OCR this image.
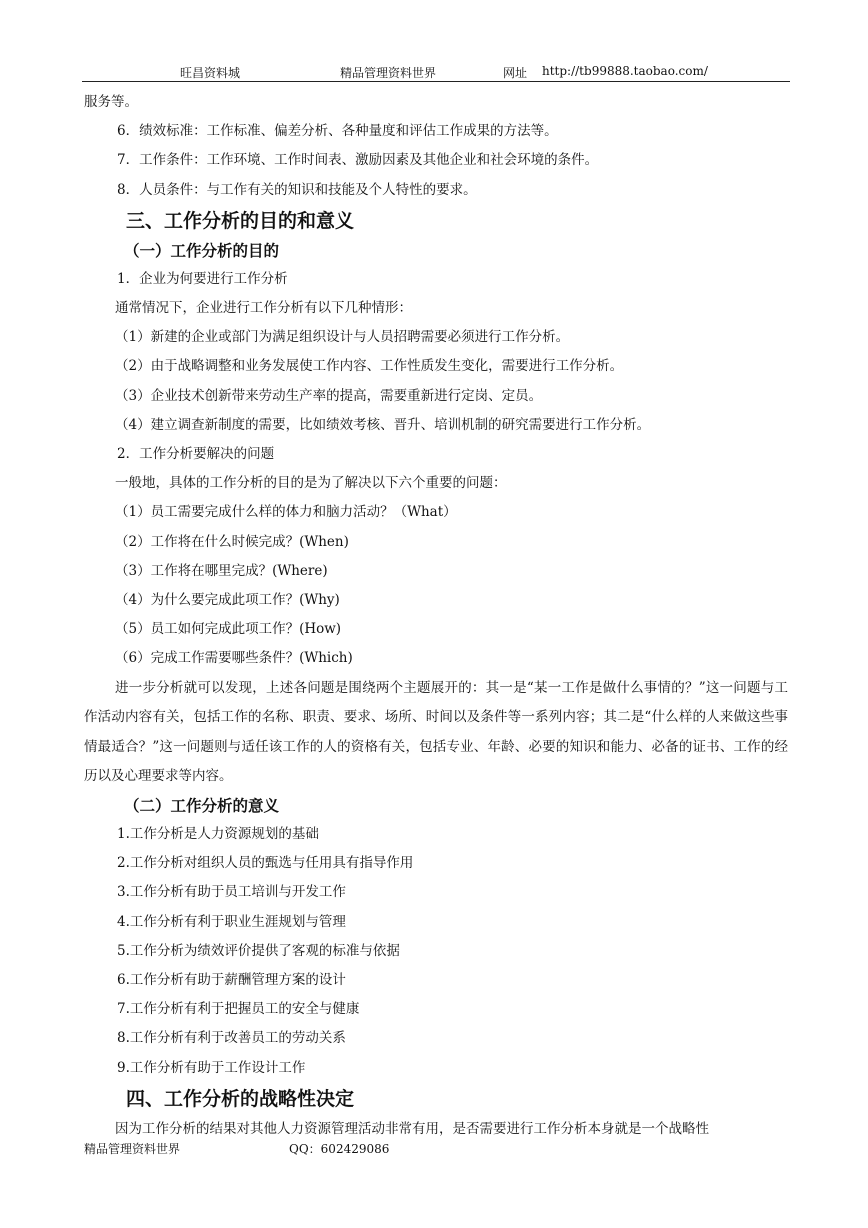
旺昌资料城	精品管理资料世界	网址 http://tb99888.taobao.com/

服务等。

6．绩效标准：工作标准、偏差分析、各种量度和评估工作成果的方法等。

7．工作条件：工作环境、工作时间表、激励因素及其他企业和社会环境的条件。

8．人员条件：与工作有关的知识和技能及个人特性的要求。

三、工作分析的目的和意义
（一）工作分析的目的

1．企业为何要进行工作分析

通常情况下，企业进行工作分析有以下几种情形：

（1）新建的企业或部门为满足组织设计与人员招聘需要必须进行工作分析。

（2）由于战略调整和业务发展使工作内容、工作性质发生变化，需要进行工作分析。

（3）企业技术创新带来劳动生产率的提高，需要重新进行定岗、定员。

（4）建立调查新制度的需要，比如绩效考核、晋升、培训机制的研究需要进行工作分析。

2．工作分析要解决的问题

一般地，具体的工作分析的目的是为了解决以下六个重要的问题：

（1）员工需要完成什么样的体力和脑力活动？（What）

（2）工作将在什么时候完成？(When)

（3）工作将在哪里完成？(Where)

（4）为什么要完成此项工作？(Why)

（5）员工如何完成此项工作？(How)

（6）完成工作需要哪些条件？(Which)

进一步分析就可以发现，上述各问题是围绕两个主题展开的：其一是“某一工作是做什么事情的？”这一问题与工作活动内容有关，包括工作的名称、职责、要求、场所、时间以及条件等一系列内容；其二是“什么样的人来做这些事情最适合？”这一问题则与适任该工作的人的资格有关，包括专业、年龄、必要的知识和能力、必备的证书、工作的经历以及心理要求等内容。

（二）工作分析的意义

1.工作分析是人力资源规划的基础

2.工作分析对组织人员的甄选与任用具有指导作用

3.工作分析有助于员工培训与开发工作

4.工作分析有利于职业生涯规划与管理

5.工作分析为绩效评价提供了客观的标准与依据

6.工作分析有助于薪酬管理方案的设计

7.工作分析有利于把握员工的安全与健康

8.工作分析有利于改善员工的劳动关系

9.工作分析有助于工作设计工作

四、工作分析的战略性决定

因为工作分析的结果对其他人力资源管理活动非常有用，是否需要进行工作分析本身就是一个战略性

精品管理资料世界	QQ：602429086
